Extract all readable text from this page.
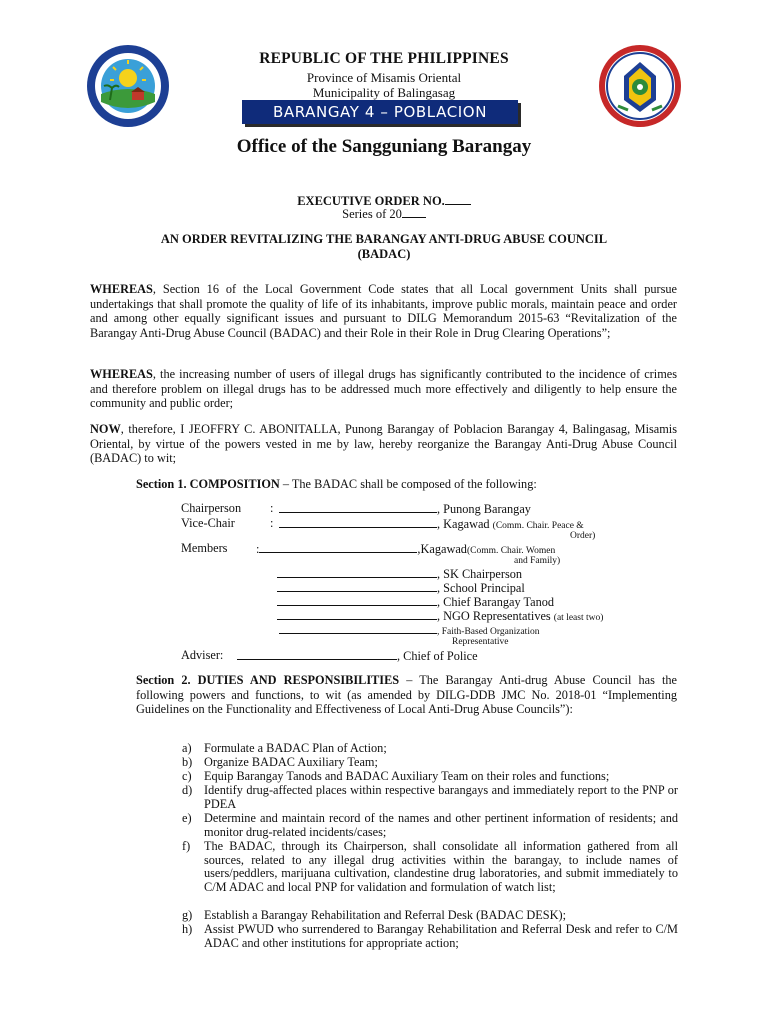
REPUBLIC OF THE PHILIPPINES
Province of Misamis Oriental
Municipality of Balingasag
BARANGAY 4 – POBLACION
Office of the Sangguniang Barangay
EXECUTIVE ORDER NO.
Series of 20
AN ORDER REVITALIZING THE BARANGAY ANTI-DRUG ABUSE COUNCIL
(BADAC)
WHEREAS, Section 16 of the Local Government Code states that all Local government Units shall pursue undertakings that shall promote the quality of life of its inhabitants, improve public morals, maintain peace and order and among other equally significant issues and pursuant to DILG Memorandum 2015-63 “Revitalization of the Barangay Anti-Drug Abuse Council (BADAC) and their Role in their Role in Drug Clearing Operations”;
WHEREAS, the increasing number of users of illegal drugs has significantly contributed to the incidence of crimes and therefore problem on illegal drugs has to be addressed much more effectively and diligently to help ensure the community and public order;
NOW, therefore, I JEOFFRY C. ABONITALLA, Punong Barangay of Poblacion Barangay 4, Balingasag, Misamis Oriental, by virtue of the powers vested in me by law, hereby reorganize the Barangay Anti-Drug Abuse Council (BADAC) to wit;
Section 1. COMPOSITION – The BADAC shall be composed of the following:
Chairperson :	, Punong Barangay
Vice-Chair	:	, Kagawad (Comm. Chair. Peace &
Order)
Members :	,Kagawad(Comm. Chair. Women
and Family)
, SK Chairperson
, School Principal
, Chief Barangay Tanod
, NGO Representatives (at least two)
, Faith-Based Organization
Representative
Adviser:	, Chief of Police
Section 2. DUTIES AND RESPONSIBILITIES – The Barangay Anti-drug Abuse Council has the following powers and functions, to wit (as amended by DILG-DDB JMC No. 2018-01 “Implementing Guidelines on the Functionality and Effectiveness of Local Anti-Drug Abuse Councils”):
a) Formulate a BADAC Plan of Action;
b) Organize BADAC Auxiliary Team;
c) Equip Barangay Tanods and BADAC Auxiliary Team on their roles and functions;
d) Identify drug-affected places within respective barangays and immediately report to the PNP or PDEA
e) Determine and maintain record of the names and other pertinent information of residents; and monitor drug-related incidents/cases;
f) The BADAC, through its Chairperson, shall consolidate all information gathered from all sources, related to any illegal drug activities within the barangay, to include names of users/peddlers, marijuana cultivation, clandestine drug laboratories, and submit immediately to C/M ADAC and local PNP for validation and formulation of watch list;
g) Establish a Barangay Rehabilitation and Referral Desk (BADAC DESK);
h) Assist PWUD who surrendered to Barangay Rehabilitation and Referral Desk and refer to C/M ADAC and other institutions for appropriate action;
